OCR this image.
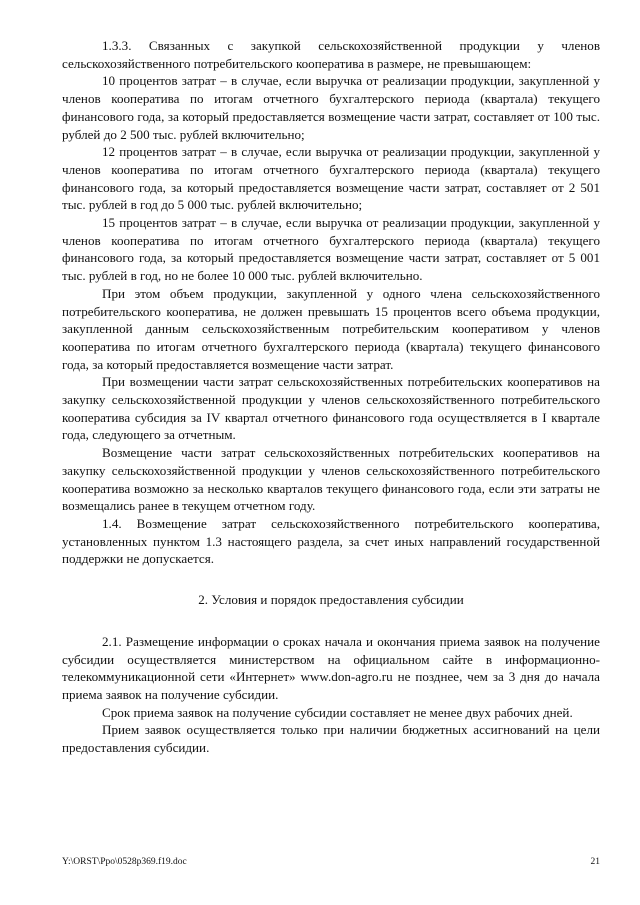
1.3.3. Связанных с закупкой сельскохозяйственной продукции у членов сельскохозяйственного потребительского кооператива в размере, не превышающем:

10 процентов затрат – в случае, если выручка от реализации продукции, закупленной у членов кооператива по итогам отчетного бухгалтерского периода (квартала) текущего финансового года, за который предоставляется возмещение части затрат, составляет от 100 тыс. рублей до 2 500 тыс. рублей включительно;

12 процентов затрат – в случае, если выручка от реализации продукции, закупленной у членов кооператива по итогам отчетного бухгалтерского периода (квартала) текущего финансового года, за который предоставляется возмещение части затрат, составляет от 2 501 тыс. рублей в год до 5 000 тыс. рублей включительно;

15 процентов затрат – в случае, если выручка от реализации продукции, закупленной у членов кооператива по итогам отчетного бухгалтерского периода (квартала) текущего финансового года, за который предоставляется возмещение части затрат, составляет от 5 001 тыс. рублей в год, но не более 10 000 тыс. рублей включительно.

При этом объем продукции, закупленной у одного члена сельскохозяйственного потребительского кооператива, не должен превышать 15 процентов всего объема продукции, закупленной данным сельскохозяйственным потребительским кооперативом у членов кооператива по итогам отчетного бухгалтерского периода (квартала) текущего финансового года, за который предоставляется возмещение части затрат.

При возмещении части затрат сельскохозяйственных потребительских кооперативов на закупку сельскохозяйственной продукции у членов сельскохозяйственного потребительского кооператива субсидия за IV квартал отчетного финансового года осуществляется в I квартале года, следующего за отчетным.

Возмещение части затрат сельскохозяйственных потребительских кооперативов на закупку сельскохозяйственной продукции у членов сельскохозяйственного потребительского кооператива возможно за несколько кварталов текущего финансового года, если эти затраты не возмещались ранее в текущем отчетном году.

1.4. Возмещение затрат сельскохозяйственного потребительского кооператива, установленных пунктом 1.3 настоящего раздела, за счет иных направлений государственной поддержки не допускается.

2. Условия и порядок предоставления субсидии

2.1. Размещение информации о сроках начала и окончания приема заявок на получение субсидии осуществляется министерством на официальном сайте в информационно-телекоммуникационной сети «Интернет» www.don-agro.ru не позднее, чем за 3 дня до начала приема заявок на получение субсидии.

Срок приема заявок на получение субсидии составляет не менее двух рабочих дней.

Прием заявок осуществляется только при наличии бюджетных ассигнований на цели предоставления субсидии.

Y:\ORST\Ppo\0528p369.f19.doc	21
